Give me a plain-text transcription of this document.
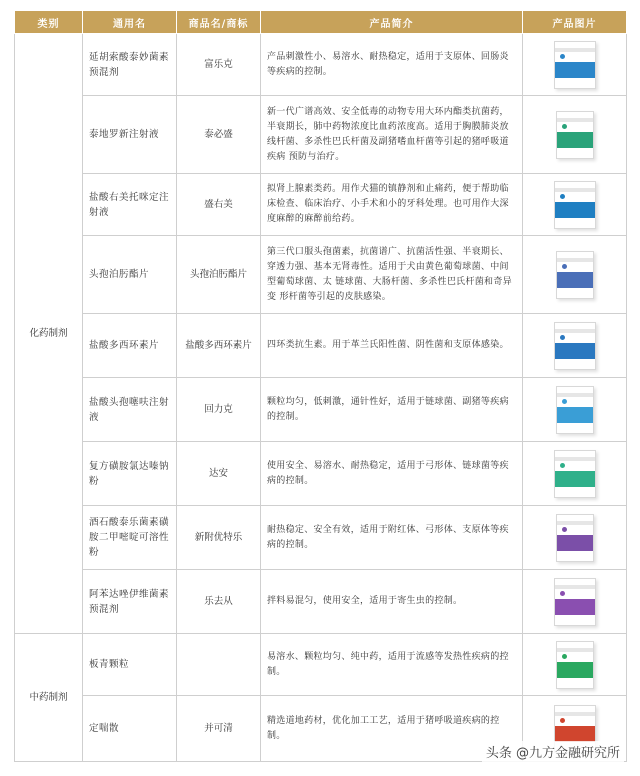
类别	通用名	商品名/商标	产品简介	产品图片
化药制剂	延胡索酸泰妙菌素预混剂	富乐克	产品刺激性小、易溶水、耐热稳定，适用于支原体、回肠炎等疾病的控制。	

	泰地罗新注射液	泰必盛	新一代广谱高效、安全低毒的动物专用大环内酯类抗菌药，半衰期长，肺中药物浓度比血药浓度高。适用于胸膜肺炎放线杆菌、多杀性巴氏杆菌及副猪嗜血杆菌等引起的猪呼吸道疾病 预防与治疗。	

	盐酸右美托咪定注射液	盛右美	拟肾上腺素类药。用作犬猫的镇静剂和止痛药，便于帮助临床检查、临床治疗、小手术和小的牙科处理。也可用作大深度麻醉的麻醉前给药。	

	头孢泊肟酯片	头孢泊肟酯片	第三代口服头孢菌素，抗菌谱广、抗菌活性强、半衰期长、穿透力强、基本无肾毒性。适用于犬由黄色葡萄球菌、中间型葡萄球菌、太 链球菌、大肠杆菌、多杀性巴氏杆菌和奇异变 形杆菌等引起的皮肤感染。	

	盐酸多西环素片	盐酸多西环素片	四环类抗生素。用于革兰氏阳性菌、阴性菌和支原体感染。	

	盐酸头孢噻呋注射液	回力克	颗粒均匀，低刺激，通针性好，适用于链球菌、副猪等疾病的控制。	

	复方磺胺氯达嗪钠粉	达安	使用安全、易溶水、耐热稳定，适用于弓形体、链球菌等疾病的控制。	

	酒石酸泰乐菌素磺胺二甲嘧啶可溶性粉	新附优特乐	耐热稳定、安全有效，适用于附红体、弓形体、支原体等疾病的控制。	

	阿苯达唑伊维菌素预混剂	乐去从	拌料易混匀，使用安全，适用于寄生虫的控制。	

中药制剂	板青颗粒		易溶水、颗粒均匀、纯中药，适用于流感等发热性疾病的控制。	

	定喘散	并可清	精选道地药材，优化加工工艺，适用于猪呼吸道疾病的控制。	
头条 @九方金融研究所
